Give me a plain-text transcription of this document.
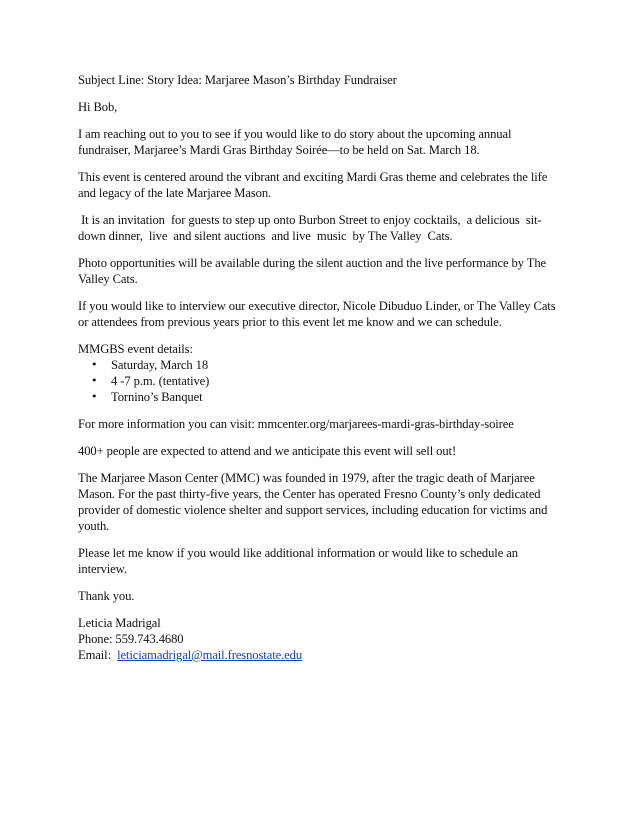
Subject Line: Story Idea: Marjaree Mason’s Birthday Fundraiser

Hi Bob,

I am reaching out to you to see if you would like to do story about the upcoming annual fundraiser, Marjaree’s Mardi Gras Birthday Soirée—to be held on Sat. March 18.

This event is centered around the vibrant and exciting Mardi Gras theme and celebrates the life and legacy of the late Marjaree Mason.

It is an invitation  for guests to step up onto Burbon Street to enjoy cocktails,  a delicious  sit-down dinner,  live  and silent auctions  and live  music  by The Valley  Cats.

Photo opportunities will be available during the silent auction and the live performance by The Valley Cats.

If you would like to interview our executive director, Nicole Dibuduo Linder, or The Valley Cats or attendees from previous years prior to this event let me know and we can schedule.

MMGBS event details:

• Saturday, March 18
• 4 -7 p.m. (tentative)
• Tornino’s Banquet

For more information you can visit: mmcenter.org/marjarees-mardi-gras-birthday-soiree

400+ people are expected to attend and we anticipate this event will sell out!

The Marjaree Mason Center (MMC) was founded in 1979, after the tragic death of Marjaree Mason. For the past thirty-five years, the Center has operated Fresno County’s only dedicated provider of domestic violence shelter and support services, including education for victims and youth.

Please let me know if you would like additional information or would like to schedule an interview.

Thank you.

Leticia Madrigal
Phone: 559.743.4680
Email:  leticiamadrigal@mail.fresnostate.edu
